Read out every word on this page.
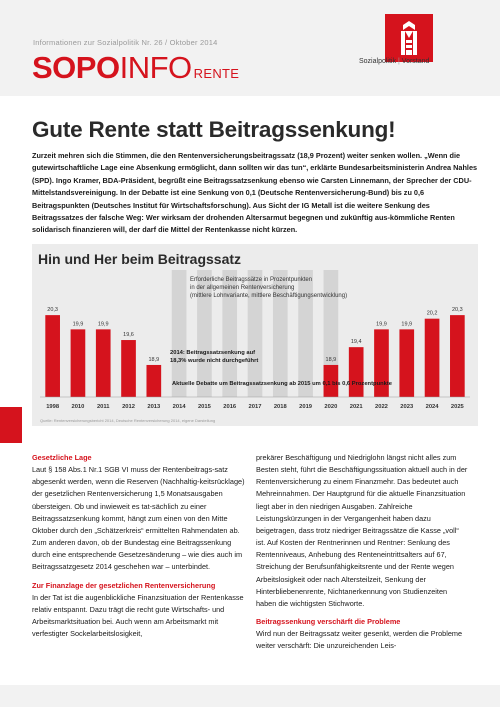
Informationen zur Sozialpolitik Nr. 26 / Oktober 2014
SOPO INFO RENTE
Sozialpolitik | Vorstand
Gute Rente statt Beitragssenkung!
Zurzeit mehren sich die Stimmen, die den Rentenversicherungsbeitragssatz (18,9 Prozent) weiter senken wollen. „Wenn die gutewirtschaftliche Lage eine Absenkung ermöglicht, dann sollten wir das tun“, erklärte Bundesarbeitsministerin Andrea Nahles (SPD). Ingo Kramer, BDA-Präsident, begrüßt eine Beitragssatzsenkung ebenso wie Carsten Linnemann, der Sprecher der CDU-Mittelstandsvereinigung. In der Debatte ist eine Senkung von 0,1 (Deutsche Rentenversicherung-Bund) bis zu 0,6 Beitragspunkten (Deutsches Institut für Wirtschaftsforschung). Aus Sicht der IG Metall ist die weitere Senkung des Beitragssatzes der falsche Weg: Wer wirksam der drohenden Altersarmut begegnen und zukünftig aus-kömmliche Renten solidarisch finanzieren will, der darf die Mittel der Rentenkasse nicht kürzen.
Hin und Her beim Beitragssatz
Erforderliche Beitragssätze in Prozentpunkten
in der allgemeinen Rentenversicherung
(mittlere Lohnvariante, mittlere Beschäftigungsentwicklung)
20,3
19,9	19,9
19,6
18,9	18,9
19,4
19,9	19,9
20,2
20,3
1998 2010 2011 2012 2013 2014 2015 2016 2017 2018 2019 2020 2021 2022 2023 2024 2025
2014: Beitragssatzsenkung auf
18,3% wurde nicht durchgeführt
Aktuelle Debatte um Beitragssatzsenkung ab 2015 um 0,1 bis 0,6 Prozentpunkte
Quelle: Rentenversicherungsbericht 2014, Deutsche Rentenversicherung 2014, eigene Darstellung
Gesetzliche Lage

Laut § 158 Abs.1 Nr.1 SGB VI muss der Rentenbeitrags-satz abgesenkt werden, wenn die Reserven (Nachhaltig-keitsrücklage) der gesetzlichen Rentenversicherung 1,5 Monatsausgaben übersteigen. Ob und inwieweit es tat-sächlich zu einer Beitragssatzsenkung kommt, hängt zum einen von den Mitte Oktober durch den „Schätzerkreis“ ermittelten Rahmendaten ab. Zum anderen davon, ob der Bundestag eine Beitragssenkung durch eine entsprechende Gesetzesänderung – wie dies auch im Beitragssatzgesetz 2014 geschehen war – unterbindet.

Zur Finanzlage der gesetzlichen Rentenversicherung

In der Tat ist die augenblickliche Finanzsituation der Rentenkasse relativ entspannt. Dazu trägt die recht gute Wirtschafts- und Arbeitsmarktsituation bei. Auch wenn am Arbeitsmarkt mit verfestigter Sockelarbeitslosigkeit,

prekärer Beschäftigung und Niedriglohn längst nicht alles zum Besten steht, führt die Beschäftigungssituation aktuell auch in der Rentenversicherung zu einem Finanzmehr. Das bedeutet auch Mehreinnahmen. Der Hauptgrund für die aktuelle Finanzsituation liegt aber in den niedrigen Ausgaben. Zahlreiche Leistungskürzungen in der Vergangenheit haben dazu beigetragen, dass trotz niedriger Beitragssätze die Kasse „voll“ ist. Auf Kosten der Rentnerinnen und Rentner: Senkung des Rentenniveaus, Anhebung des Renteneintrittsalters auf 67, Streichung der Berufsunfähigkeitsrente und der Rente wegen Arbeitslosigkeit oder nach Altersteilzeit, Senkung der Hinterbliebenenrente, Nichtanerkennung von Studienzeiten haben die wichtigsten Stichworte.

Beitragssenkung verschärft die Probleme

Wird nun der Beitragssatz weiter gesenkt, werden die Probleme weiter verschärft: Die unzureichenden Leis-
